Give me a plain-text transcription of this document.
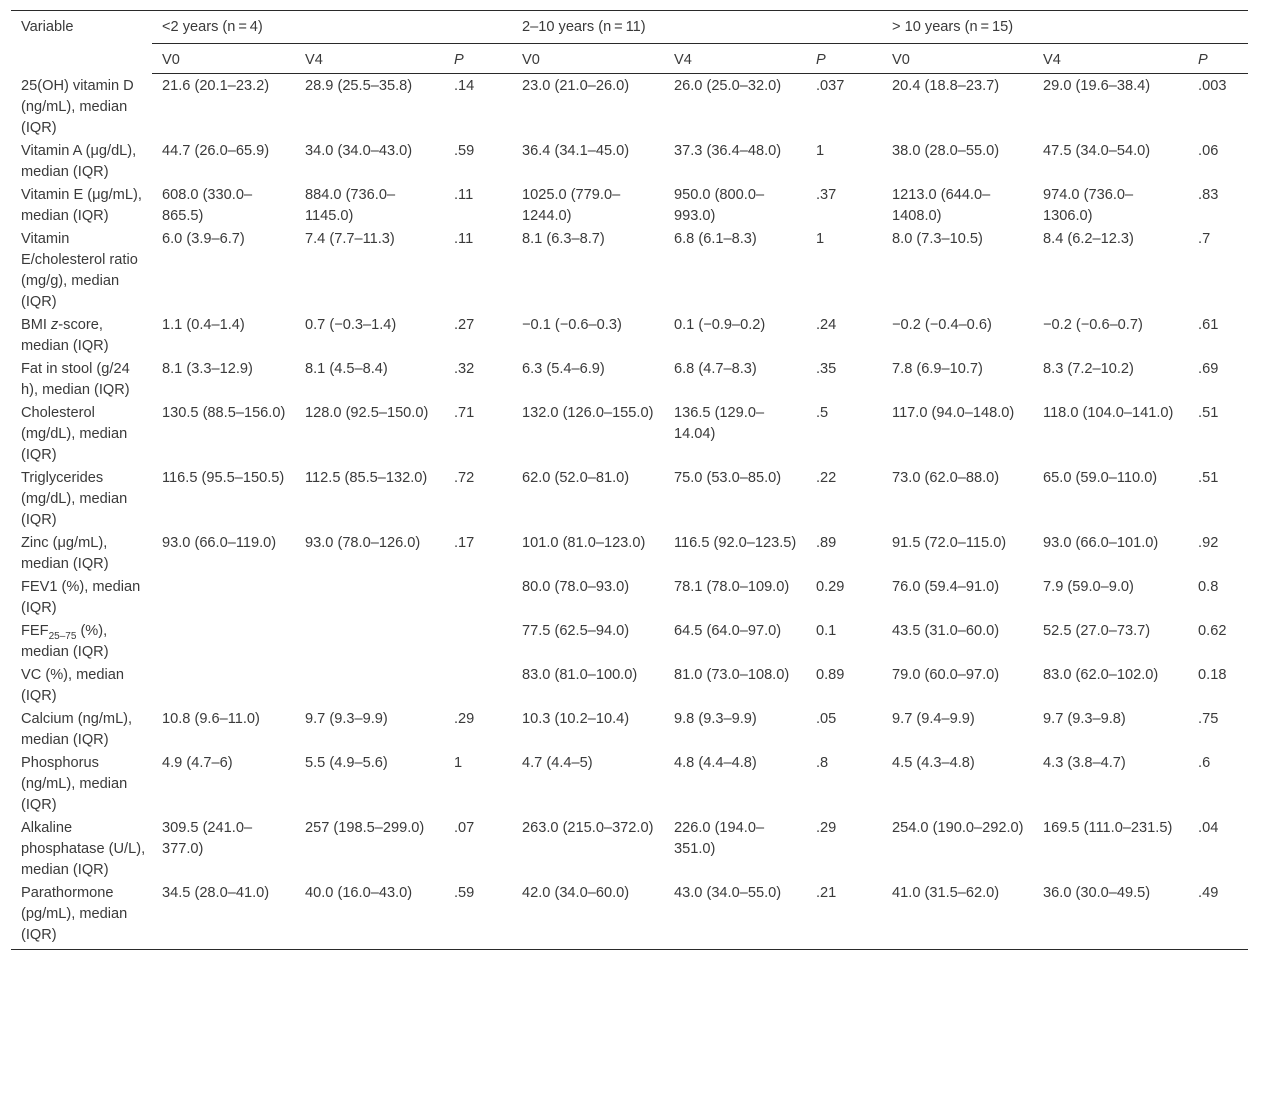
Variable	<2 years (n = 4)			2–10 years (n = 11)			> 10 years (n = 15)		
	V0	V4	P	V0	V4	P	V0	V4	P
25(OH) vitamin D (ng/mL), median (IQR)	21.6 (20.1–23.2)	28.9 (25.5–35.8)	.14	23.0 (21.0–26.0)	26.0 (25.0–32.0)	.037	20.4 (18.8–23.7)	29.0 (19.6–38.4)	.003
Vitamin A (μg/dL), median (IQR)	44.7 (26.0–65.9)	34.0 (34.0–43.0)	.59	36.4 (34.1–45.0)	37.3 (36.4–48.0)	1	38.0 (28.0–55.0)	47.5 (34.0–54.0)	.06
Vitamin E (μg/mL), median (IQR)	608.0 (330.0–865.5)	884.0 (736.0–1145.0)	.11	1025.0 (779.0–1244.0)	950.0 (800.0–993.0)	.37	1213.0 (644.0–1408.0)	974.0 (736.0–1306.0)	.83
Vitamin E/cholesterol ratio (mg/g), median (IQR)	6.0 (3.9–6.7)	7.4 (7.7–11.3)	.11	8.1 (6.3–8.7)	6.8 (6.1–8.3)	1	8.0 (7.3–10.5)	8.4 (6.2–12.3)	.7
BMI z-score, median (IQR)	1.1 (0.4–1.4)	0.7 (−0.3–1.4)	.27	−0.1 (−0.6–0.3)	0.1 (−0.9–0.2)	.24	−0.2 (−0.4–0.6)	−0.2 (−0.6–0.7)	.61
Fat in stool (g/24 h), median (IQR)	8.1 (3.3–12.9)	8.1 (4.5–8.4)	.32	6.3 (5.4–6.9)	6.8 (4.7–8.3)	.35	7.8 (6.9–10.7)	8.3 (7.2–10.2)	.69
Cholesterol (mg/dL), median (IQR)	130.5 (88.5–156.0)	128.0 (92.5–150.0)	.71	132.0 (126.0–155.0)	136.5 (129.0–14.04)	.5	117.0 (94.0–148.0)	118.0 (104.0–141.0)	.51
Triglycerides (mg/dL), median (IQR)	116.5 (95.5–150.5)	112.5 (85.5–132.0)	.72	62.0 (52.0–81.0)	75.0 (53.0–85.0)	.22	73.0 (62.0–88.0)	65.0 (59.0–110.0)	.51
Zinc (μg/mL), median (IQR)	93.0 (66.0–119.0)	93.0 (78.0–126.0)	.17	101.0 (81.0–123.0)	116.5 (92.0–123.5)	.89	91.5 (72.0–115.0)	93.0 (66.0–101.0)	.92
FEV1 (%), median (IQR)				80.0 (78.0–93.0)	78.1 (78.0–109.0)	0.29	76.0 (59.4–91.0)	7.9 (59.0–9.0)	0.8
$FEF_{25-75}$ (%), median (IQR)				77.5 (62.5–94.0)	64.5 (64.0–97.0)	0.1	43.5 (31.0–60.0)	52.5 (27.0–73.7)	0.62
VC (%), median (IQR)				83.0 (81.0–100.0)	81.0 (73.0–108.0)	0.89	79.0 (60.0–97.0)	83.0 (62.0–102.0)	0.18
Calcium (ng/mL), median (IQR)	10.8 (9.6–11.0)	9.7 (9.3–9.9)	.29	10.3 (10.2–10.4)	9.8 (9.3–9.9)	.05	9.7 (9.4–9.9)	9.7 (9.3–9.8)	.75
Phosphorus (ng/mL), median (IQR)	4.9 (4.7–6)	5.5 (4.9–5.6)	1	4.7 (4.4–5)	4.8 (4.4–4.8)	.8	4.5 (4.3–4.8)	4.3 (3.8–4.7)	.6
Alkaline phosphatase (U/L), median (IQR)	309.5 (241.0–377.0)	257 (198.5–299.0)	.07	263.0 (215.0–372.0)	226.0 (194.0–351.0)	.29	254.0 (190.0–292.0)	169.5 (111.0–231.5)	.04
Parathormone (pg/mL), median (IQR)	34.5 (28.0–41.0)	40.0 (16.0–43.0)	.59	42.0 (34.0–60.0)	43.0 (34.0–55.0)	.21	41.0 (31.5–62.0)	36.0 (30.0–49.5)	.49
